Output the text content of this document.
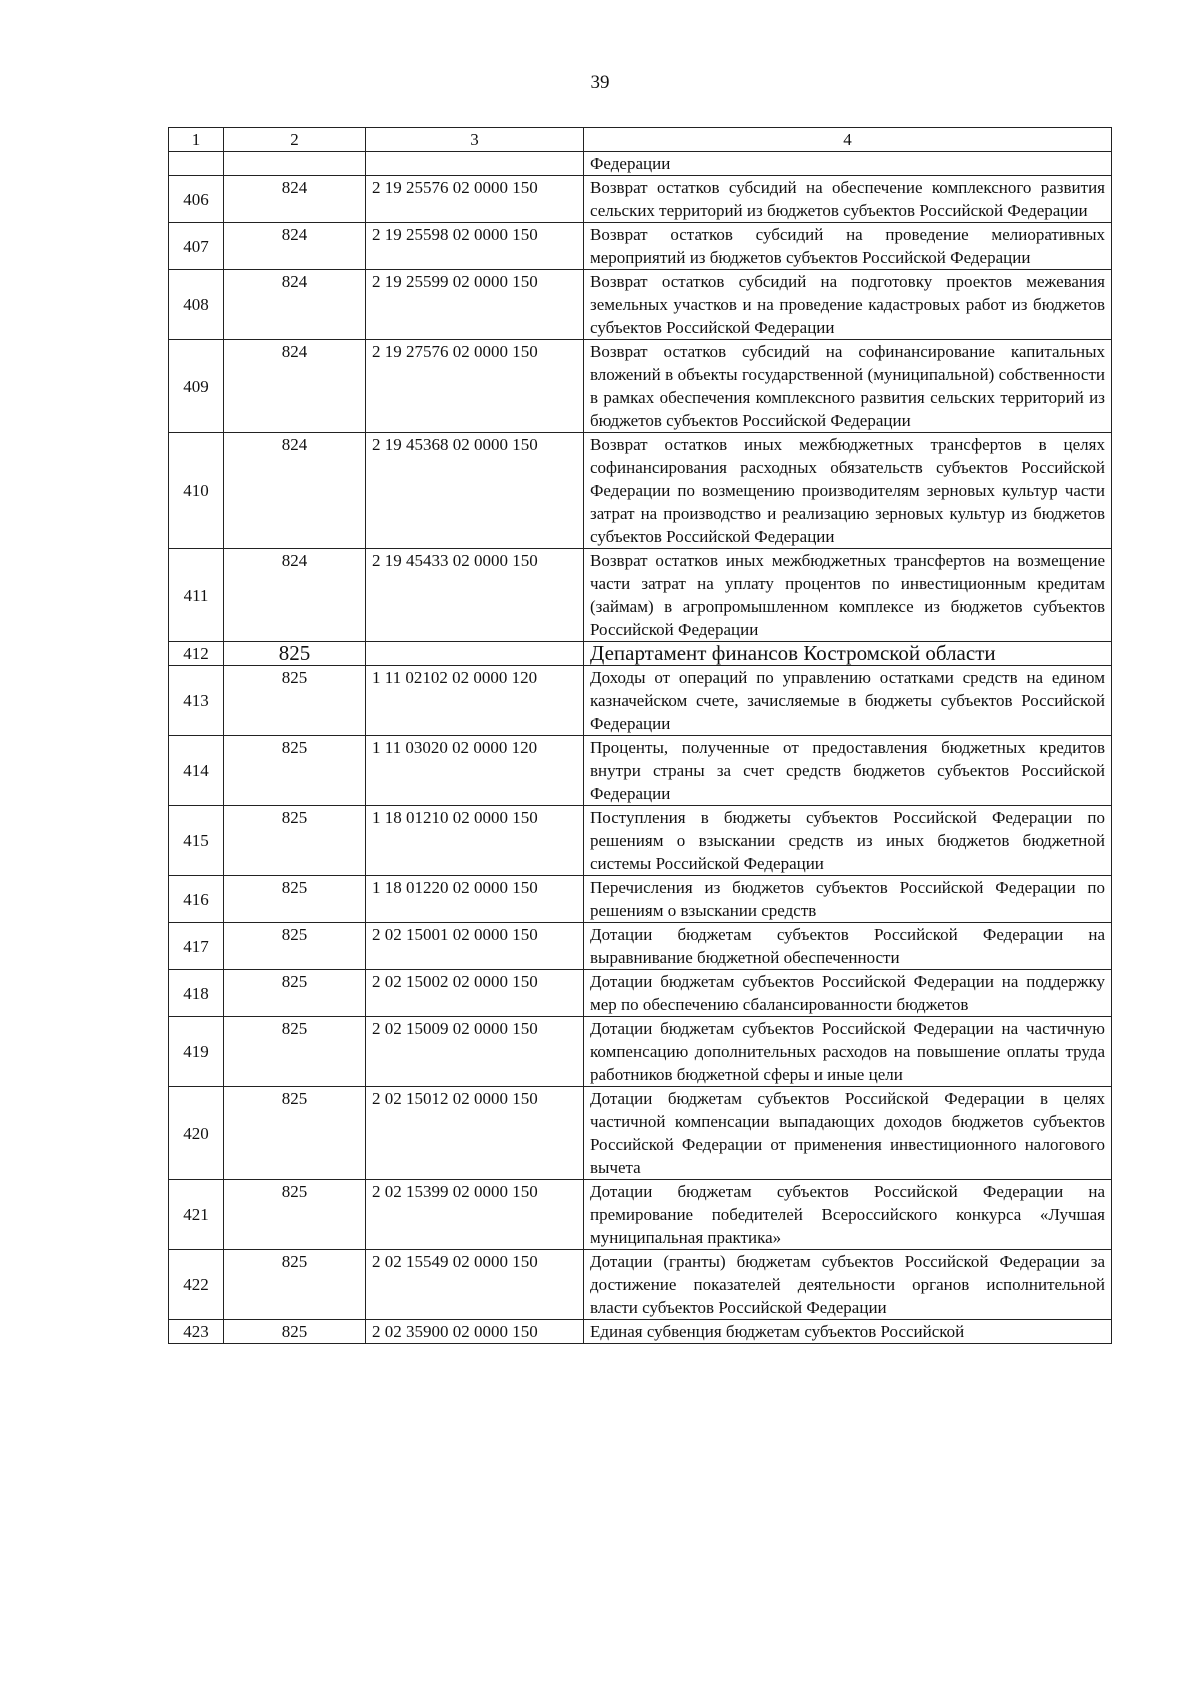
39
1	2	3	4
			Федерации
406	824	2 19 25576 02 0000 150	Возврат остатков субсидий на обеспечение комплексного развития сельских территорий из бюджетов субъектов Российской Федерации
407	824	2 19 25598 02 0000 150	Возврат остатков субсидий на проведение мелиоративных мероприятий из бюджетов субъектов Российской Федерации
408	824	2 19 25599 02 0000 150	Возврат остатков субсидий на подготовку проектов межевания земельных участков и на проведение кадастровых работ из бюджетов субъектов Российской Федерации
409	824	2 19 27576 02 0000 150	Возврат остатков субсидий на софинансирование капитальных вложений в объекты государственной (муниципальной) собственности в рамках обеспечения комплексного развития сельских территорий из бюджетов субъектов Российской Федерации
410	824	2 19 45368 02 0000 150	Возврат остатков иных межбюджетных трансфертов в целях софинансирования расходных обязательств субъектов Российской Федерации по возмещению производителям зерновых культур части затрат на производство и реализацию зерновых культур из бюджетов субъектов Российской Федерации
411	824	2 19 45433 02 0000 150	Возврат остатков иных межбюджетных трансфертов на возмещение части затрат на уплату процентов по инвестиционным кредитам (займам) в агропромышленном комплексе из бюджетов субъектов Российской Федерации
412	825		Департамент финансов Костромской области
413	825	1 11 02102 02 0000 120	Доходы от операций по управлению остатками средств на едином казначейском счете, зачисляемые в бюджеты субъектов Российской Федерации
414	825	1 11 03020 02 0000 120	Проценты, полученные от предоставления бюджетных кредитов внутри страны за счет средств бюджетов субъектов Российской Федерации
415	825	1 18 01210 02 0000 150	Поступления в бюджеты субъектов Российской Федерации по решениям о взыскании средств из иных бюджетов бюджетной системы Российской Федерации
416	825	1 18 01220 02 0000 150	Перечисления из бюджетов субъектов Российской Федерации по решениям о взыскании средств
417	825	2 02 15001 02 0000 150	Дотации бюджетам субъектов Российской Федерации на выравнивание бюджетной обеспеченности
418	825	2 02 15002 02 0000 150	Дотации бюджетам субъектов Российской Федерации на поддержку мер по обеспечению сбалансированности бюджетов
419	825	2 02 15009 02 0000 150	Дотации бюджетам субъектов Российской Федерации на частичную компенсацию дополнительных расходов на повышение оплаты труда работников бюджетной сферы и иные цели
420	825	2 02 15012 02 0000 150	Дотации бюджетам субъектов Российской Федерации в целях частичной компенсации выпадающих доходов бюджетов субъектов Российской Федерации от применения инвестиционного налогового вычета
421	825	2 02 15399 02 0000 150	Дотации бюджетам субъектов Российской Федерации на премирование победителей Всероссийского конкурса «Лучшая муниципальная практика»
422	825	2 02 15549 02 0000 150	Дотации (гранты) бюджетам субъектов Российской Федерации за достижение показателей деятельности органов исполнительной власти субъектов Российской Федерации
423	825	2 02 35900 02 0000 150	Единая субвенция бюджетам субъектов Российской
